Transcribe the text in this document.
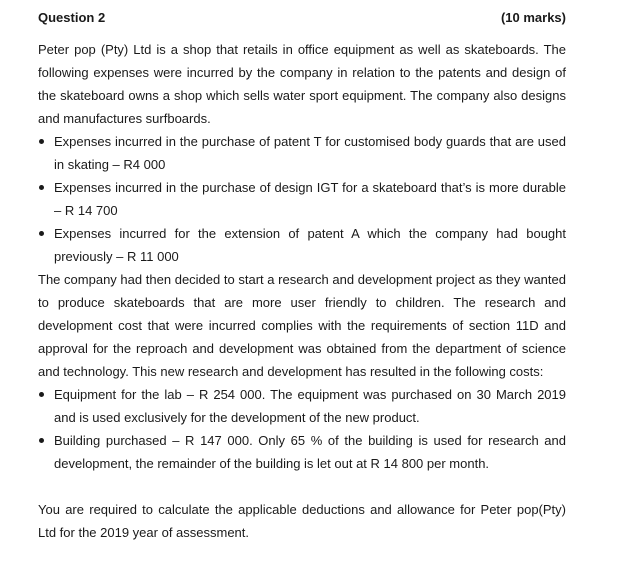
Question 2	(10 marks)

Peter pop (Pty) Ltd is a shop that retails in office equipment as well as skateboards. The following expenses were incurred by the company in relation to the patents and design of the skateboard owns a shop which sells water sport equipment. The company also designs and manufactures surfboards.

Expenses incurred in the purchase of patent T for customised body guards that are used in skating – R4 000
Expenses incurred in the purchase of design IGT for a skateboard that’s is more durable – R 14 700
Expenses incurred for the extension of patent A which the company had bought previously – R 11 000

The company had then decided to start a research and development project as they wanted to produce skateboards that are more user friendly to children. The research and development cost that were incurred complies with the requirements of section 11D and approval for the reproach and development was obtained from the department of science and technology. This new research and development has resulted in the following costs:

Equipment for the lab – R 254 000. The equipment was purchased on 30 March 2019 and is used exclusively for the development of the new product.
Building purchased – R 147 000. Only 65 % of the building is used for research and development, the remainder of the building is let out at R 14 800 per month.

You are required to calculate the applicable deductions and allowance for Peter pop(Pty) Ltd for the 2019 year of assessment.
